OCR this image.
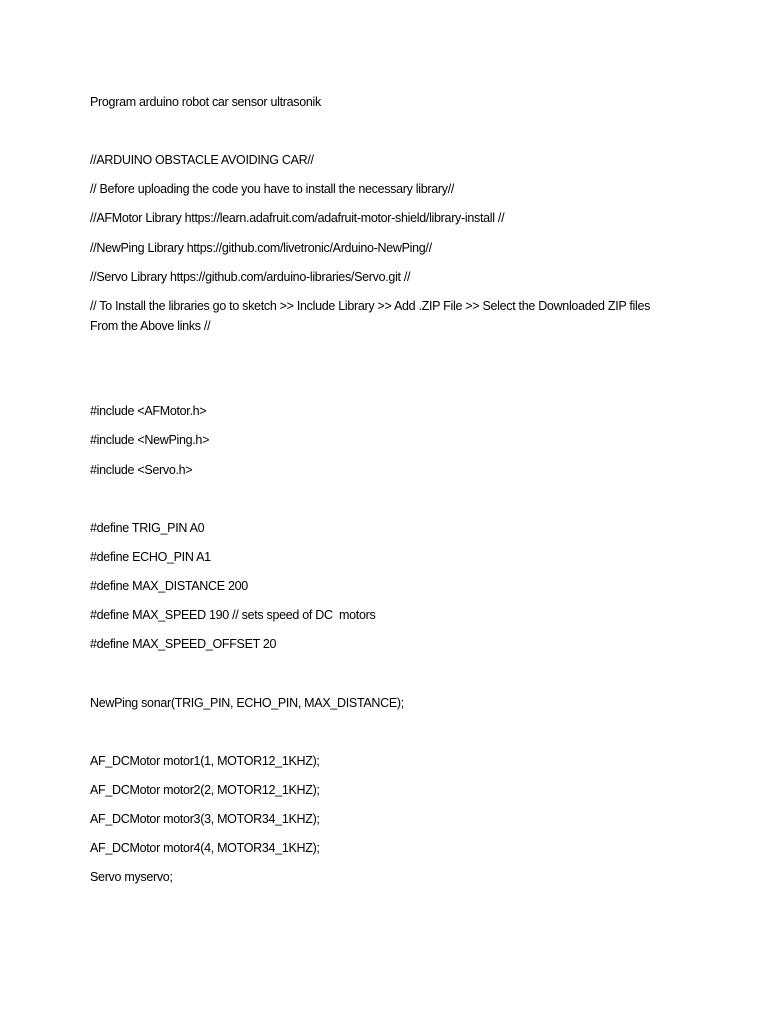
Program arduino robot car sensor ultrasonik
//ARDUINO OBSTACLE AVOIDING CAR//
// Before uploading the code you have to install the necessary library//
//AFMotor Library https://learn.adafruit.com/adafruit-motor-shield/library-install //
//NewPing Library https://github.com/livetronic/Arduino-NewPing//
//Servo Library https://github.com/arduino-libraries/Servo.git //
// To Install the libraries go to sketch >> Include Library >> Add .ZIP File >> Select the Downloaded ZIP files From the Above links //
#include <AFMotor.h>
#include <NewPing.h>
#include <Servo.h>
#define TRIG_PIN A0
#define ECHO_PIN A1
#define MAX_DISTANCE 200
#define MAX_SPEED 190 // sets speed of DC  motors
#define MAX_SPEED_OFFSET 20
NewPing sonar(TRIG_PIN, ECHO_PIN, MAX_DISTANCE);
AF_DCMotor motor1(1, MOTOR12_1KHZ);
AF_DCMotor motor2(2, MOTOR12_1KHZ);
AF_DCMotor motor3(3, MOTOR34_1KHZ);
AF_DCMotor motor4(4, MOTOR34_1KHZ);
Servo myservo;
